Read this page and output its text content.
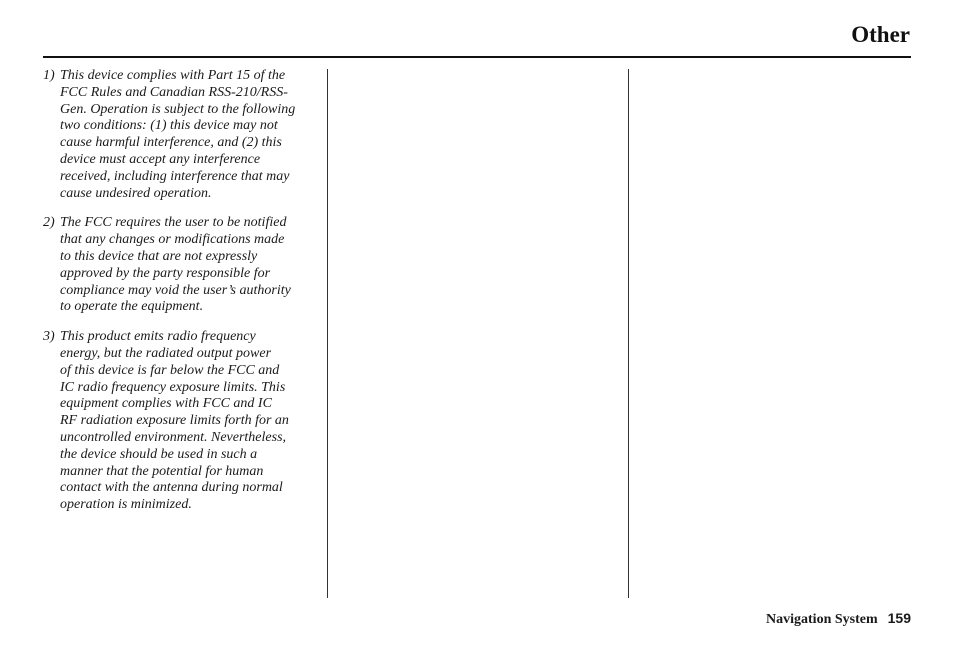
Other
1) This device complies with Part 15 of the
FCC Rules and Canadian RSS-210/RSS-
Gen. Operation is subject to the following
two conditions: (1) this device may not
cause harmful interference, and (2) this
device must accept any interference
received, including interference that may
cause undesired operation.
2) The FCC requires the user to be notified
that any changes or modifications made
to this device that are not expressly
approved by the party responsible for
compliance may void the user’s authority
to operate the equipment.
3) This product emits radio frequency
energy, but the radiated output power
of this device is far below the FCC and
IC radio frequency exposure limits. This
equipment complies with FCC and IC
RF radiation exposure limits forth for an
uncontrolled environment. Nevertheless,
the device should be used in such a
manner that the potential for human
contact with the antenna during normal
operation is minimized.
Navigation System 159
